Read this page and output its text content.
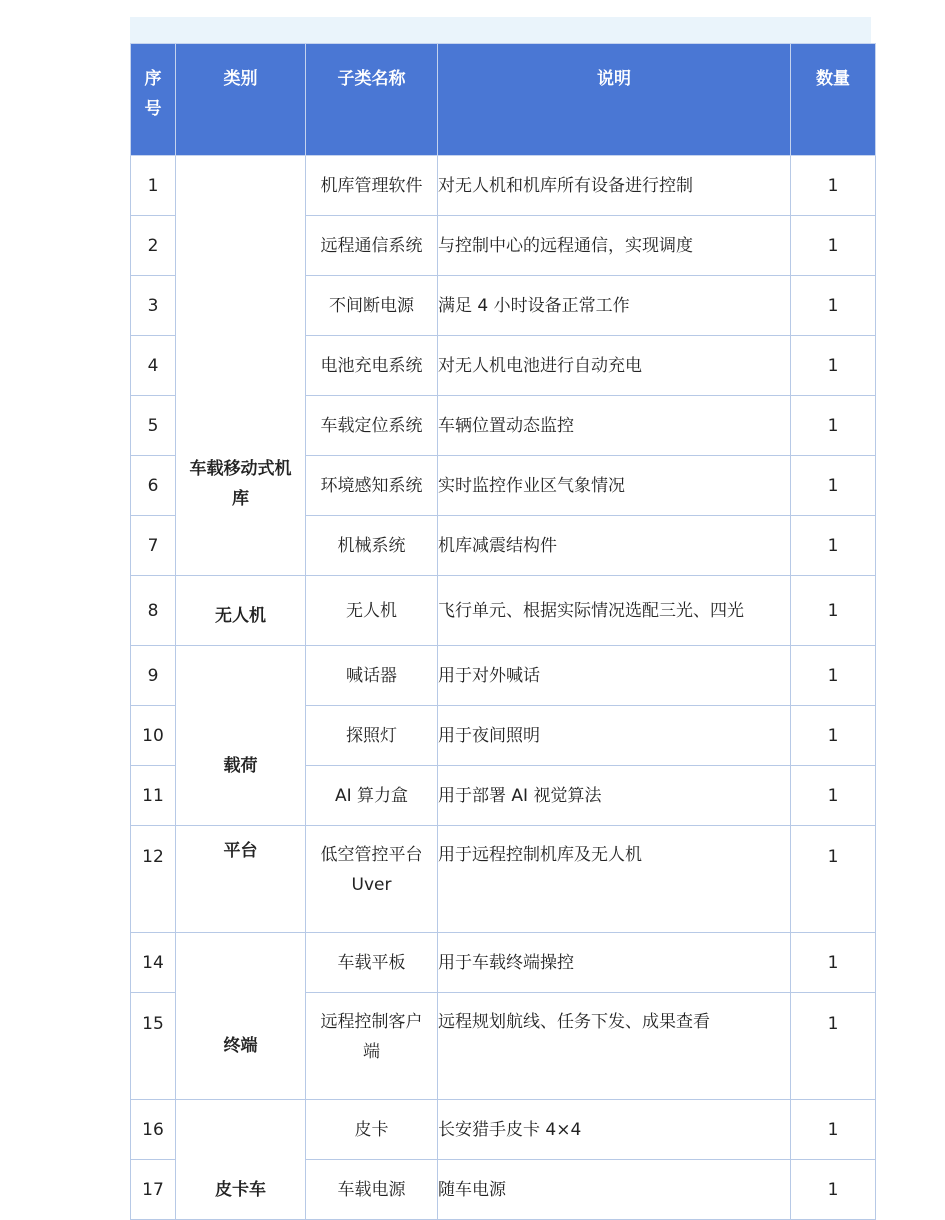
序号	类别	子类名称	说明	数量
1	车载移动式机库	机库管理软件	对无人机和机库所有设备进行控制	1
2		远程通信系统	与控制中心的远程通信，实现调度	1
3		不间断电源	满足 4 小时设备正常工作	1
4		电池充电系统	对无人机电池进行自动充电	1
5		车载定位系统	车辆位置动态监控	1
6		环境感知系统	实时监控作业区气象情况	1
7		机械系统	机库减震结构件	1
8	无人机	无人机	飞行单元、根据实际情况选配三光、四光	1
9	载荷	喊话器	用于对外喊话	1
10		探照灯	用于夜间照明	1
11		AI 算力盒	用于部署 AI 视觉算法	1
12	平台	低空管控平台 Uver	用于远程控制机库及无人机	1
14	终端	车载平板	用于车载终端操控	1
15		远程控制客户端	远程规划航线、任务下发、成果查看	1
16	皮卡车	皮卡	长安猎手皮卡 4×4	1
17		车载电源	随车电源	1
